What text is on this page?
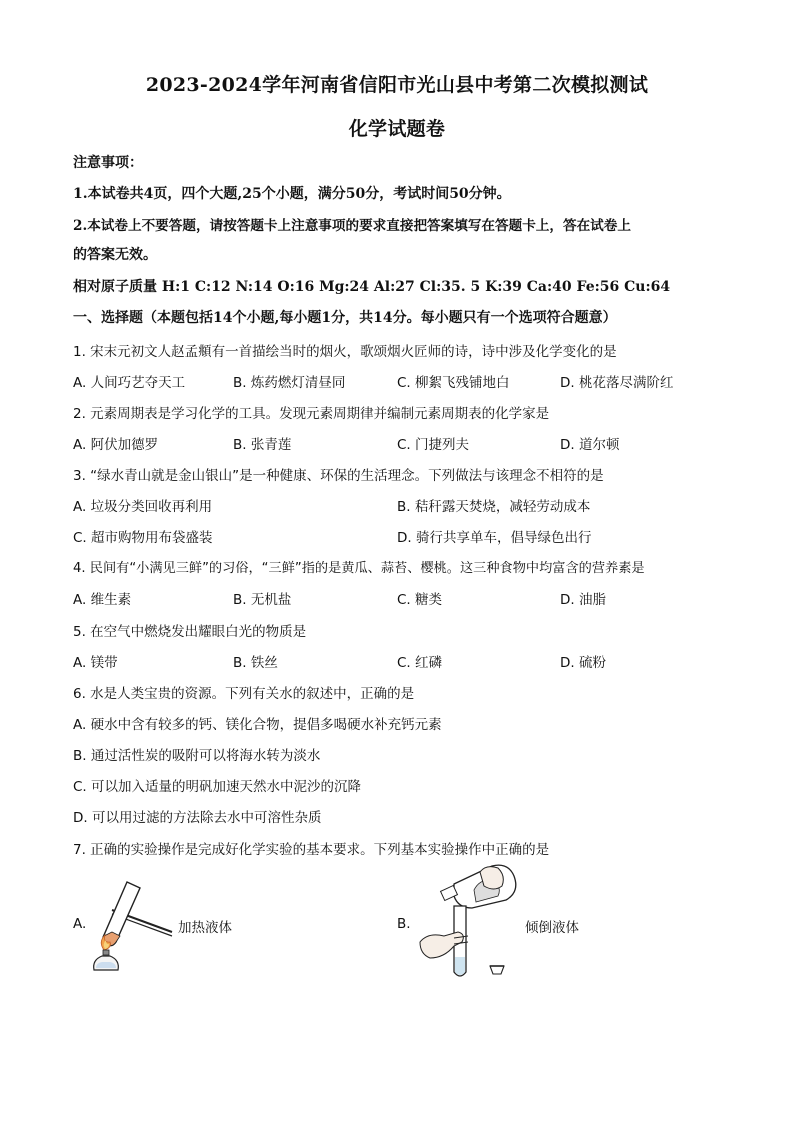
2023-2024学年河南省信阳市光山县中考第二次模拟测试
化学试题卷
注意事项：
1.本试卷共4页，四个大题,25个小题，满分50分，考试时间50分钟。
2.本试卷上不要答题，请按答题卡上注意事项的要求直接把答案填写在答题卡上，答在试卷上
的答案无效。
相对原子质量 H:1 C:12 N:14 O:16 Mg:24 Al:27 Cl:35. 5 K:39 Ca:40 Fe:56 Cu:64
一、选择题（本题包括14个小题,每小题1分，共14分。每小题只有一个选项符合题意）
1. 宋末元初文人赵孟頫有一首描绘当时的烟火，歌颂烟火匠师的诗，诗中涉及化学变化的是
A. 人间巧艺夺天工	B. 炼药燃灯清昼同	C. 柳絮飞残铺地白	D. 桃花落尽满阶红
2. 元素周期表是学习化学的工具。发现元素周期律并编制元素周期表的化学家是
A. 阿伏加德罗	B. 张青莲	C. 门捷列夫	D. 道尔顿
3. “绿水青山就是金山银山”是一种健康、环保的生活理念。下列做法与该理念不相符的是
A. 垃圾分类回收再利用	B. 秸秆露天焚烧，减轻劳动成本
C. 超市购物用布袋盛装	D. 骑行共享单车，倡导绿色出行
4. 民间有“小满见三鲜”的习俗，“三鲜”指的是黄瓜、蒜苔、樱桃。这三种食物中均富含的营养素是
A. 维生素	B. 无机盐	C. 糖类	D. 油脂
5. 在空气中燃烧发出耀眼白光的物质是
A. 镁带	B. 铁丝	C. 红磷	D. 硫粉
6. 水是人类宝贵的资源。下列有关水的叙述中，正确的是
A. 硬水中含有较多的钙、镁化合物，提倡多喝硬水补充钙元素
B. 通过活性炭的吸附可以将海水转为淡水
C. 可以加入适量的明矾加速天然水中泥沙的沉降
D. 可以用过滤的方法除去水中可溶性杂质
7. 正确的实验操作是完成好化学实验的基本要求。下列基本实验操作中正确的是
A.	加热液体	B.	倾倒液体
